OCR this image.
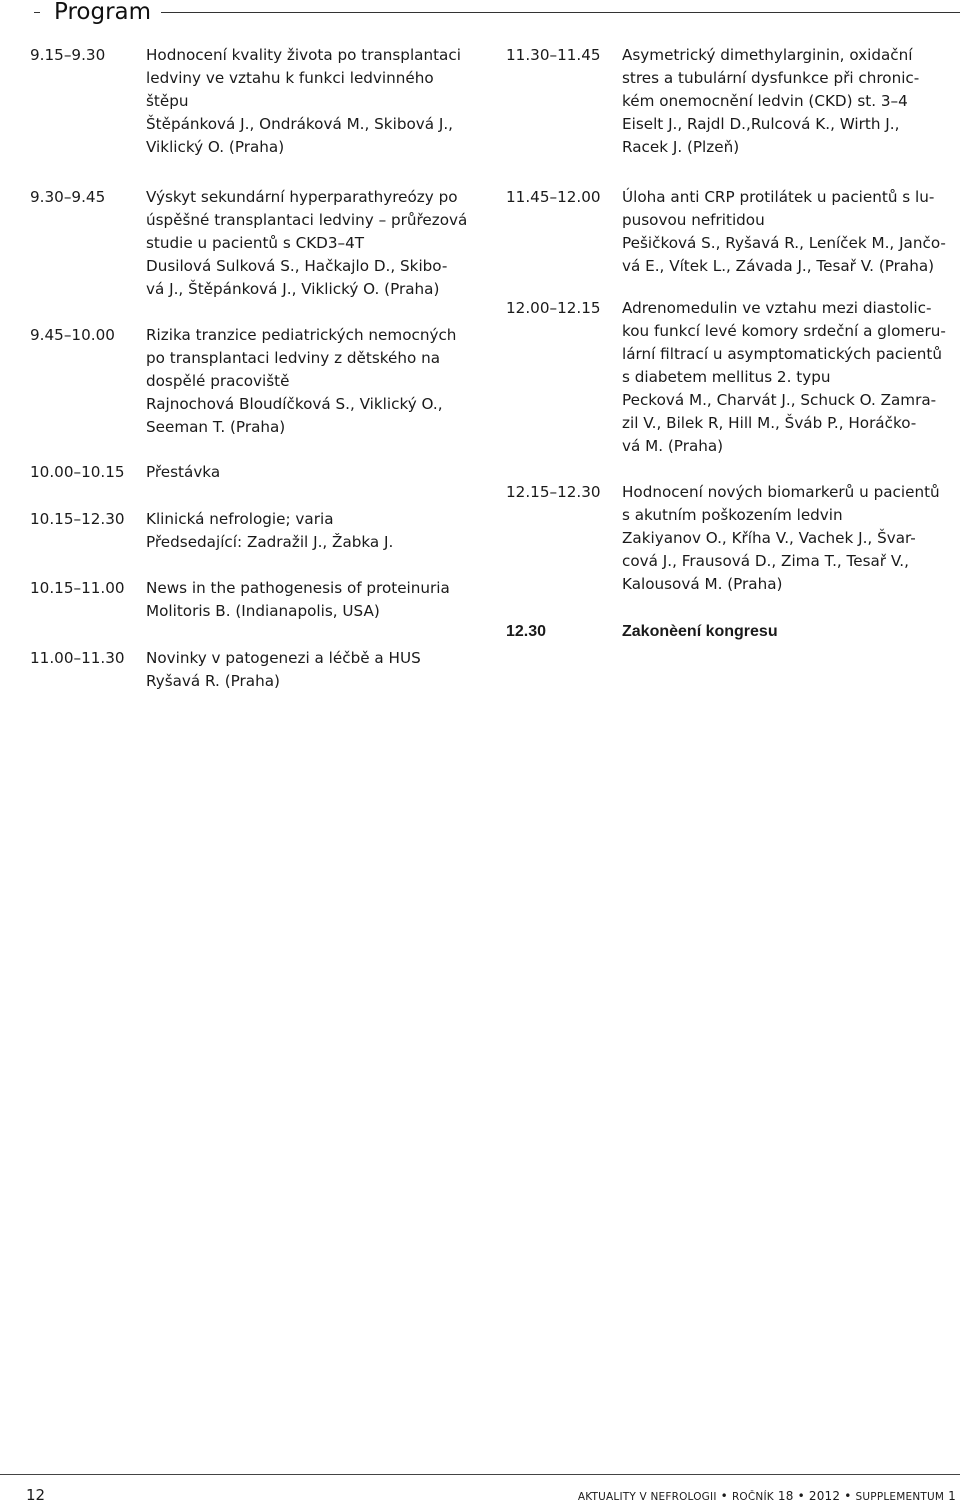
Program
9.15–9.30	Hodnocení kvality života po transplantaci
ledviny ve vztahu k funkci ledvinného
štěpu
Štěpánková J., Ondráková M., Skibová J.,
Viklický O. (Praha)
9.30–9.45	Výskyt sekundární hyperparathyreózy po
úspěšné transplantaci ledviny – průřezová
studie u pacientů s CKD3–4T
Dusilová Sulková S., Hačkajlo D., Skibo-
vá J., Štěpánková J., Viklický O. (Praha)
9.45–10.00	Rizika tranzice pediatrických nemocných
po transplantaci ledviny z dětského na
dospělé pracoviště
Rajnochová Bloudíčková S., Viklický O.,
Seeman T. (Praha)
10.00–10.15	Přestávka
10.15–12.30	Klinická nefrologie; varia
Předsedající: Zadražil J., Žabka J.
10.15–11.00	News in the pathogenesis of proteinuria
Molitoris B. (Indianapolis, USA)
11.00–11.30	Novinky v patogenezi a léčbě a HUS
Ryšavá R. (Praha)
11.30–11.45	Asymetrický dimethylarginin, oxidační
stres a tubulární dysfunkce při chronic-
kém onemocnění ledvin (CKD) st. 3–4
Eiselt J., Rajdl D.,Rulcová K., Wirth J.,
Racek J. (Plzeň)
11.45–12.00	Úloha anti CRP protilátek u pacientů s lu-
pusovou nefritidou
Pešičková S., Ryšavá R., Leníček M., Jančo-
vá E., Vítek L., Závada J., Tesař V. (Praha)
12.00–12.15	Adrenomedulin ve vztahu mezi diastolic-
kou funkcí levé komory srdeční a glomeru-
lární filtrací u asymptomatických pacientů
s diabetem mellitus 2. typu
Pecková M., Charvát J., Schuck O. Zamra-
zil V., Bilek R, Hill M., Šváb P., Horáčko-
vá M. (Praha)
12.15–12.30	Hodnocení nových biomarkerů u pacientů
s akutním poškozením ledvin
Zakiyanov O., Kříha V., Vachek J., Švar-
cová J., Frausová D., Zima T., Tesař V.,
Kalousová M. (Praha)
12.30	Zakonèení kongresu
12	AKTUALITY V NEFROLOGII • ROČNÍK 18 • 2012 • SUPPLEMENTUM 1
